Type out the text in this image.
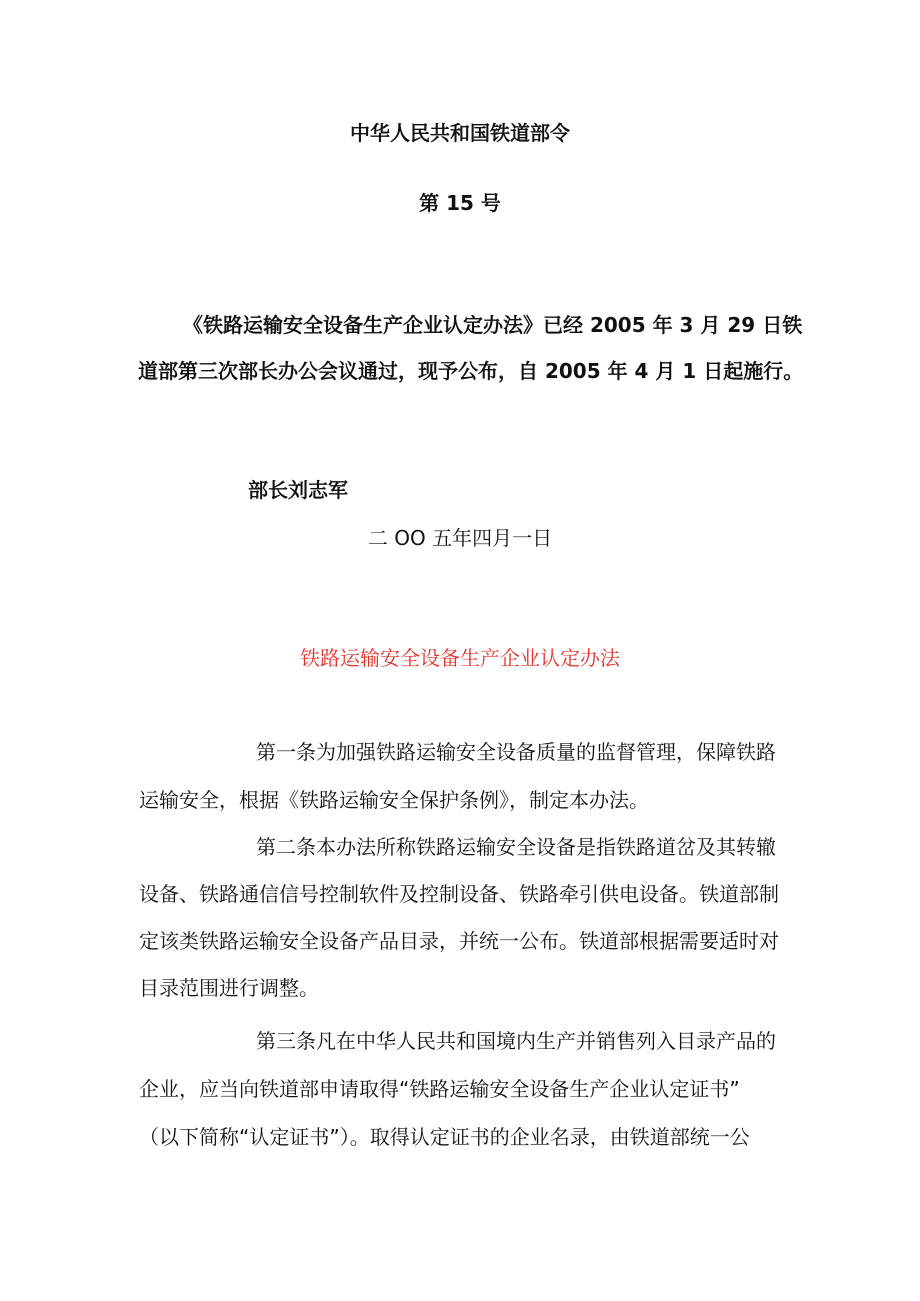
中华人民共和国铁道部令
第 15 号
《铁路运输安全设备生产企业认定办法》已经 2005 年 3 月 29 日铁
道部第三次部长办公会议通过，现予公布，自 2005 年 4 月 1 日起施行。
部长刘志军
二 OO 五年四月一日
铁路运输安全设备生产企业认定办法
第一条为加强铁路运输安全设备质量的监督管理，保障铁路
运输安全，根据《铁路运输安全保护条例》，制定本办法。
第二条本办法所称铁路运输安全设备是指铁路道岔及其转辙
设备、铁路通信信号控制软件及控制设备、铁路牵引供电设备。铁道部制
定该类铁路运输安全设备产品目录，并统一公布。铁道部根据需要适时对
目录范围进行调整。
第三条凡在中华人民共和国境内生产并销售列入目录产品的
企业，应当向铁道部申请取得“铁路运输安全设备生产企业认定证书”
（以下简称“认定证书”）。取得认定证书的企业名录，由铁道部统一公
